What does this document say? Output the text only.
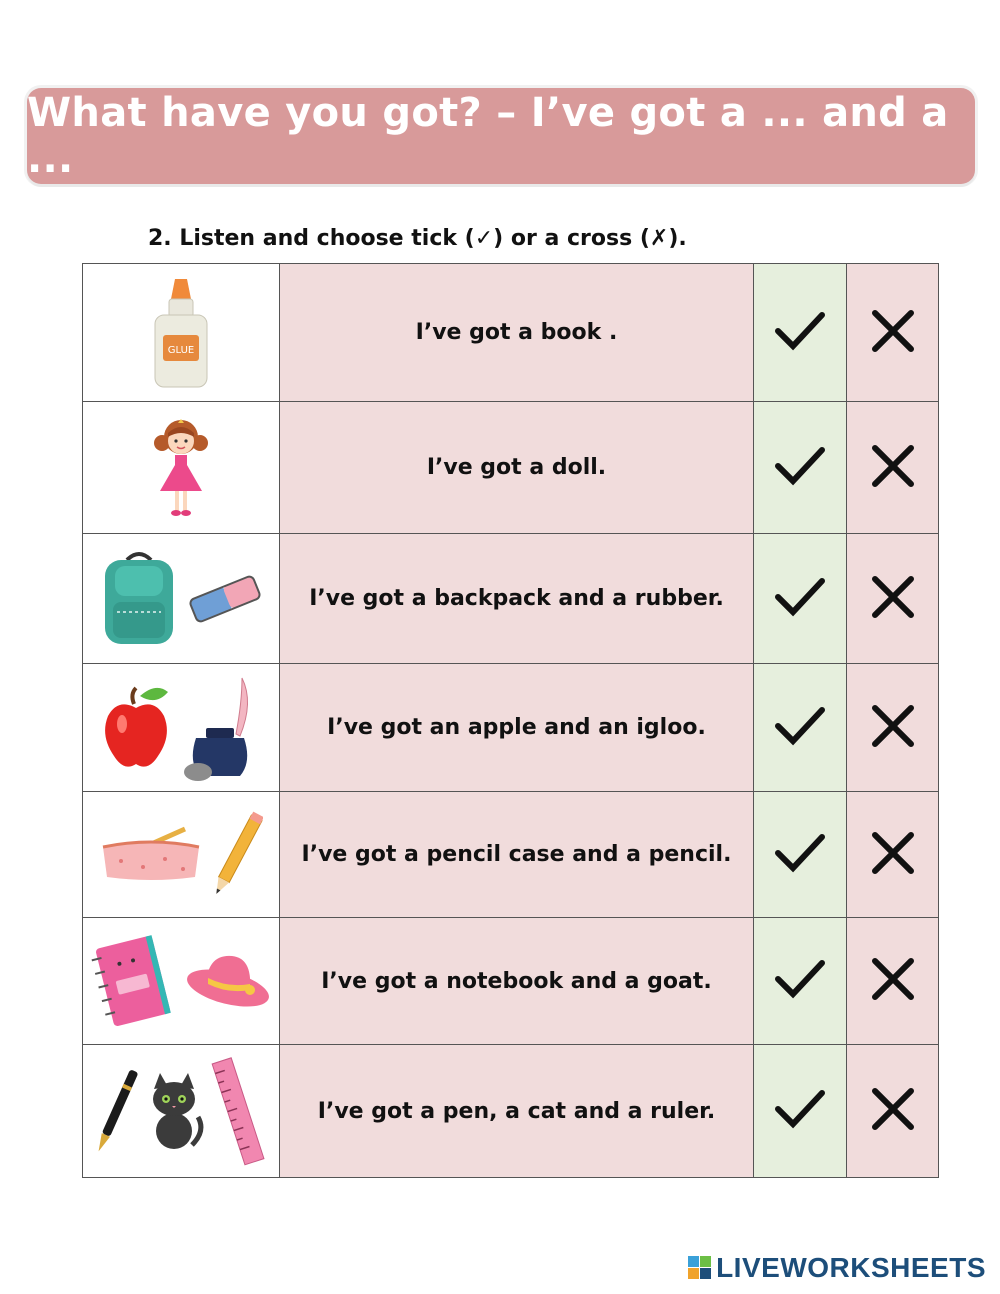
What have you got? – I’ve got a ... and a ...
2. Listen and choose tick (✓) or a cross (✗).
GLUE	I’ve got a book .		

	I’ve got a doll.		

	I’ve got a backpack and a rubber.		

	I’ve got an apple and an igloo.		

	I’ve got a pencil case and a pencil.		

	I’ve got a notebook and a goat.		

	I’ve got a pen, a cat and a ruler.		
LIVEWORKSHEETS
